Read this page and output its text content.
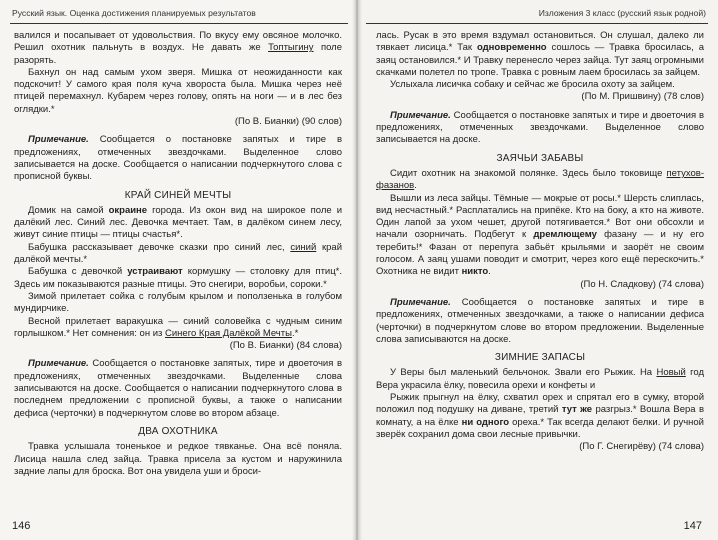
Русский язык. Оценка достижения планируемых результатов

валился и посапывает от удовольствия. По вкусу ему овсяное молочко. Решил охотник пальнуть в воздух. Не давать же Топтыгину поле разорять.

Бахнул он над самым ухом зверя. Мишка от неожиданности как подскочит! У самого края поля куча хвороста была. Мишка через неё птицей перемахнул. Кубарем через голову, опять на ноги — и в лес без оглядки.*

(По В. Бианки) (90 слов)

Примечание. Сообщается о постановке запятых и тире в предложениях, отмеченных звездочками. Выделенное слово записывается на доске. Сообщается о написании подчеркнутого слова с прописной буквы.

КРАЙ СИНЕЙ МЕЧТЫ

Домик на самой окраине города. Из окон вид на широкое поле и далёкий лес. Синий лес. Девочка мечтает. Там, в далёком синем лесу, живут синие птицы — птицы счастья*.

Бабушка рассказывает девочке сказки про синий лес, синий край далёкой мечты.*

Бабушка с девочкой устраивают кормушку — столовку для птиц*. Здесь им показываются разные птицы. Это снегири, воробьи, сороки.*

Зимой прилетает сойка с голубым крылом и поползенька в голубом мундирчике.

Весной прилетает варакушка — синий соловейка с чудным синим горлышком.* Нет сомнения: он из Синего Края Далёкой Мечты.*

(По В. Бианки) (84 слова)

Примечание. Сообщается о постановке запятых, тире и двоеточия в предложениях, отмеченных звездочками. Выделенные слова записываются на доске. Сообщается о написании подчеркнутого слова в последнем предложении с прописной буквы, а также о написании дефиса (черточки) в подчеркнутом слове во втором абзаце.

ДВА ОХОТНИКА

Травка услышала тоненькое и редкое тявканье. Она всё поняла. Лисица нашла след зайца. Травка присела за кустом и наружинила задние лапы для броска. Вот она увидела уши и броси-

146
Изложения 3 класс (русский язык родной)

лась. Русак в это время вздумал остановиться. Он слушал, далеко ли тявкает лисица.* Так одновременно сошлось — Травка бросилась, а заяц остановился.* И Травку перенесло через зайца. Тут заяц огромными скачками полетел по тропе. Травка с ровным лаем бросилась за зайцем.

Услыхала лисичка собаку и сейчас же бросила охоту за зайцем.

(По М. Пришвину) (78 слов)

Примечание. Сообщается о постановке запятых и тире и двоеточия в предложениях, отмеченных звездочками. Выделенное слово записывается на доске.

ЗАЯЧЬИ ЗАБАВЫ

Сидит охотник на знакомой полянке. Здесь было токовище петухов-фазанов.

Вышли из леса зайцы. Тёмные — мокрые от росы.* Шерсть слиплась, вид несчастный.* Расплатались на припёке. Кто на боку, а кто на животе. Один лапой за ухом чешет, другой потягивается.* Вот они обсохли и начали озорничать. Подбегут к дремлющему фазану — и ну его теребить!* Фазан от перепуга забьёт крыльями и заорёт не своим голосом. А заяц ушами поводит и смотрит, через кого ещё перескочить.* Охотника не видит никто.

(По Н. Сладкову) (74 слова)

Примечание. Сообщается о постановке запятых и тире в предложениях, отмеченных звездочками, а также о написании дефиса (черточки) в подчеркнутом слове во втором предложении. Выделенные слова записываются на доске.

ЗИМНИЕ ЗАПАСЫ

У Веры был маленький бельчонок. Звали его Рыжик. На Новый год Вера украсила ёлку, повесила орехи и конфеты и

Рыжик прыгнул на ёлку, схватил орех и спрятал его в сумку, второй положил под подушку на диване, третий тут же разгрыз.* Вошла Вера в комнату, а на ёлке ни одного ореха.* Так всегда делают белки. И ручной зверёк сохранил дома свои лесные привычки.

(По Г. Снегирёву) (74 слова)

147
